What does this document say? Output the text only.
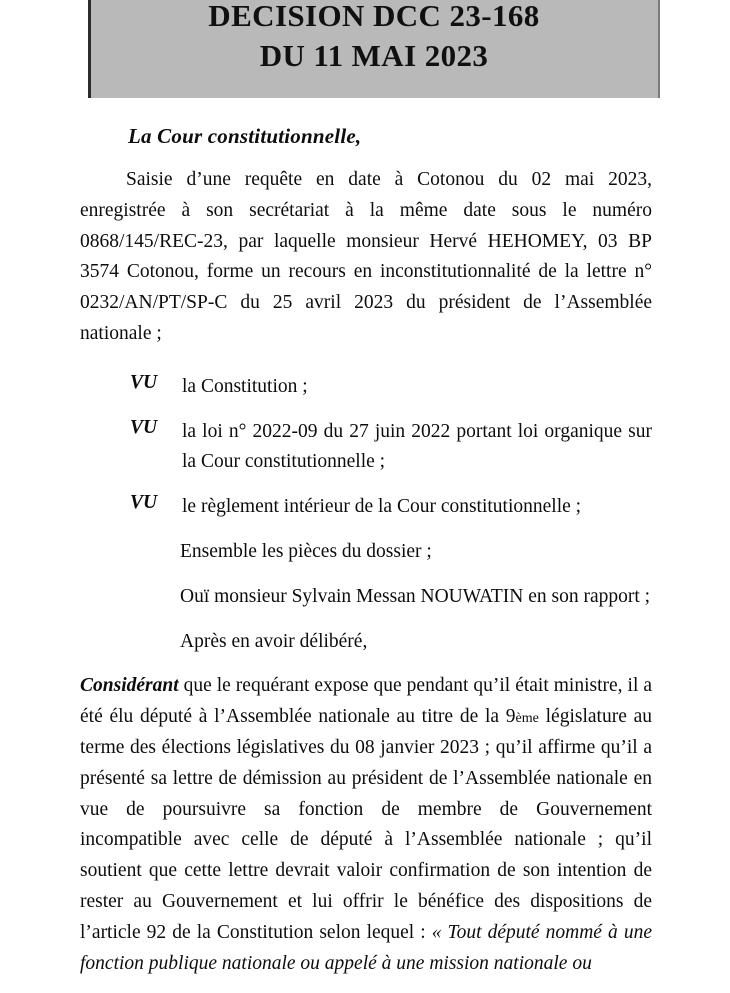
DECISION DCC 23-168
DU 11 MAI 2023
La Cour constitutionnelle,

Saisie d’une requête en date à Cotonou du 02 mai 2023, enregistrée à son secrétariat à la même date sous le numéro 0868/145/REC-23, par laquelle monsieur Hervé HEHOMEY, 03 BP 3574 Cotonou, forme un recours en inconstitutionnalité de la lettre n° 0232/AN/PT/SP-C du 25 avril 2023 du président de l’Assemblée nationale ;

VU	la Constitution ;
VU	la loi n° 2022-09 du 27 juin 2022 portant loi organique sur la Cour constitutionnelle ;
VU	le règlement intérieur de la Cour constitutionnelle ;
Ensemble les pièces du dossier ;
Ouï monsieur Sylvain Messan NOUWATIN en son rapport ;
Après en avoir délibéré,

Considérant que le requérant expose que pendant qu’il était ministre, il a été élu député à l’Assemblée nationale au titre de la 9ème législature au terme des élections législatives du 08 janvier 2023 ; qu’il affirme qu’il a présenté sa lettre de démission au président de l’Assemblée nationale en vue de poursuivre sa fonction de membre de Gouvernement incompatible avec celle de député à l’Assemblée nationale ; qu’il soutient que cette lettre devrait valoir confirmation de son intention de rester au Gouvernement et lui offrir le bénéfice des dispositions de l’article 92 de la Constitution selon lequel : « Tout député nommé à une fonction publique nationale ou appelé à une mission nationale ou
